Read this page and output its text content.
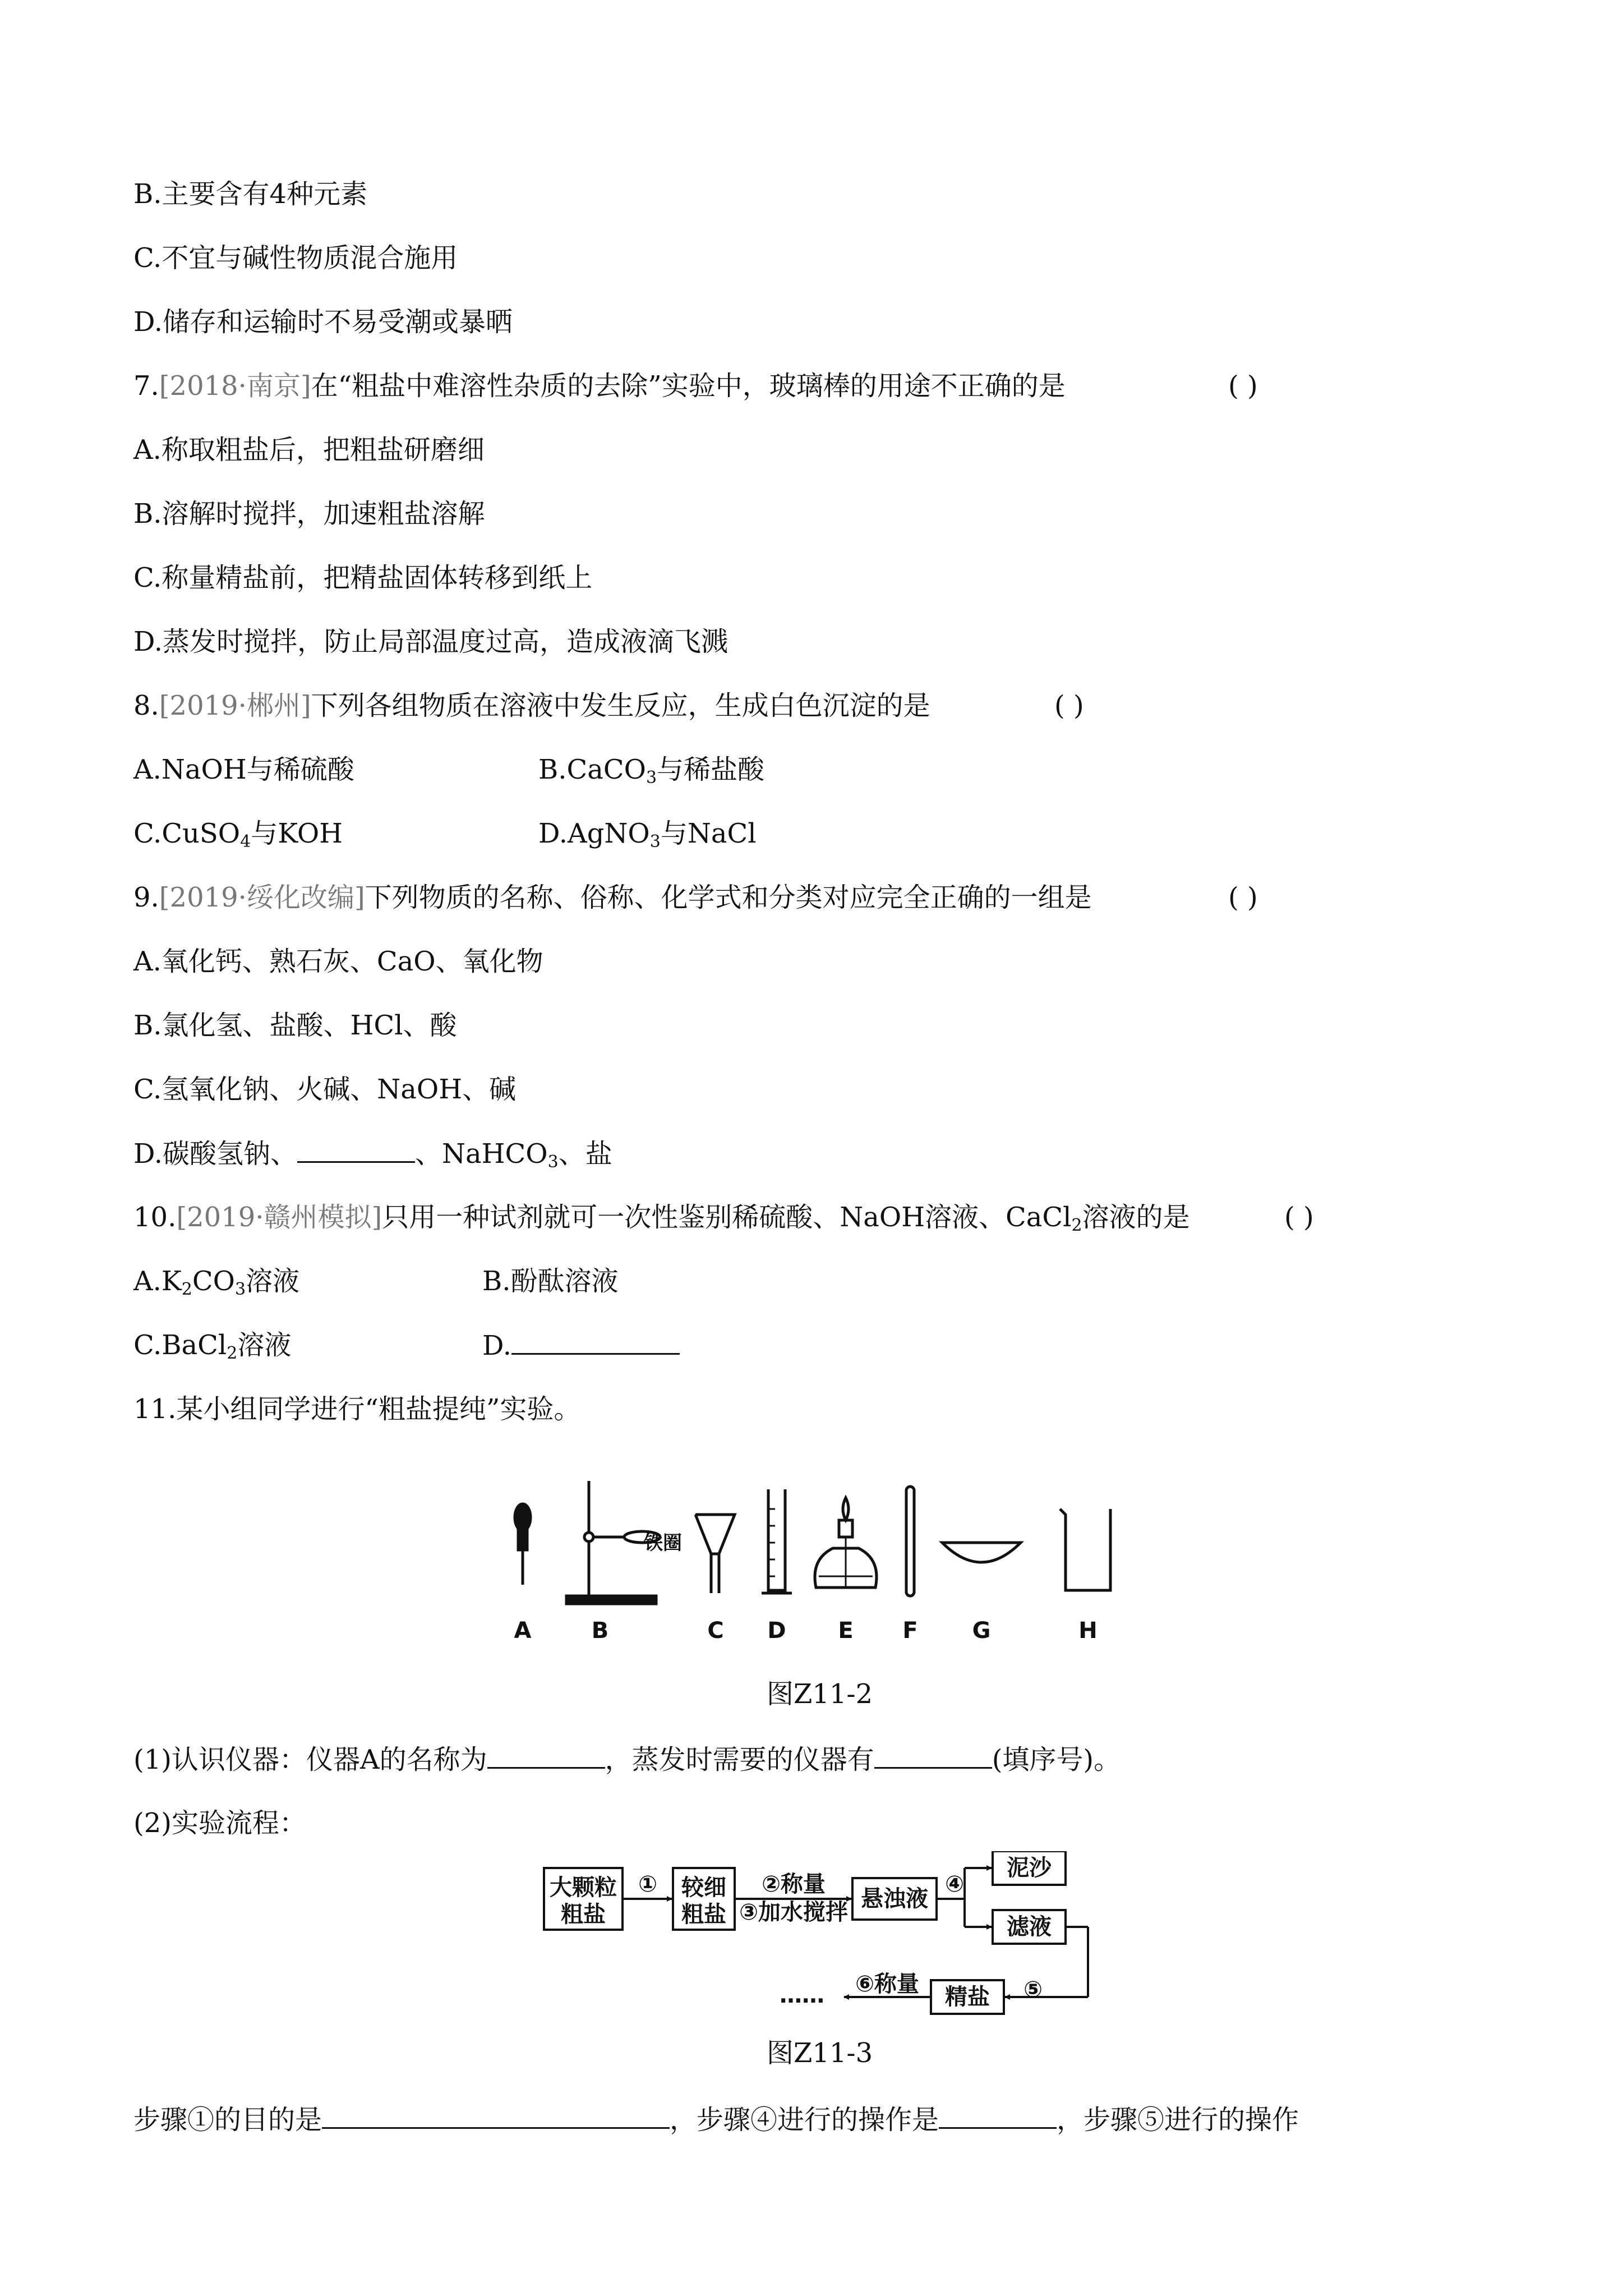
B.主要含有4种元素
C.不宜与碱性物质混合施用
D.储存和运输时不易受潮或暴晒
7.[2018·南京]在“粗盐中难溶性杂质的去除”实验中，玻璃棒的用途不正确的是	( )
A.称取粗盐后，把粗盐研磨细
B.溶解时搅拌，加速粗盐溶解
C.称量精盐前，把精盐固体转移到纸上
D.蒸发时搅拌，防止局部温度过高，造成液滴飞溅
8.[2019·郴州]下列各组物质在溶液中发生反应，生成白色沉淀的是	( )
A.NaOH与稀硫酸	B.CaCO$_3$与稀盐酸
C.CuSO$_4$与KOH	D.AgNO$_3$与NaCl
9.[2019·绥化改编]下列物质的名称、俗称、化学式和分类对应完全正确的一组是	( )
A.氧化钙、熟石灰、CaO、氧化物
B.氯化氢、盐酸、HCl、酸
C.氢氧化钠、火碱、NaOH、碱
D.碳酸氢钠、	、NaHCO$_3$、盐
10.[2019·赣州模拟]只用一种试剂就可一次性鉴别稀硫酸、NaOH溶液、CaCl$_2$溶液的是	( )
$A.K_2CO_3$溶液	B.酚酞溶液
C.BaCl$_2$溶液	D.
11.某小组同学进行“粗盐提纯”实验。
铁圈
A	B	C D E F G	H
图Z11-2
(1)认识仪器：仪器A的名称为	，蒸发时需要的仪器有	(填序号)。
(2)实验流程：
大颗粒
粗盐
① 较细
粗盐
②称量
③加水搅拌
悬浊液
④
泥沙
滤液
⑤
精盐
⑥称量
……
图Z11-3
步骤①的目的是	，步骤④进行的操作是	，步骤⑤进行的操作
